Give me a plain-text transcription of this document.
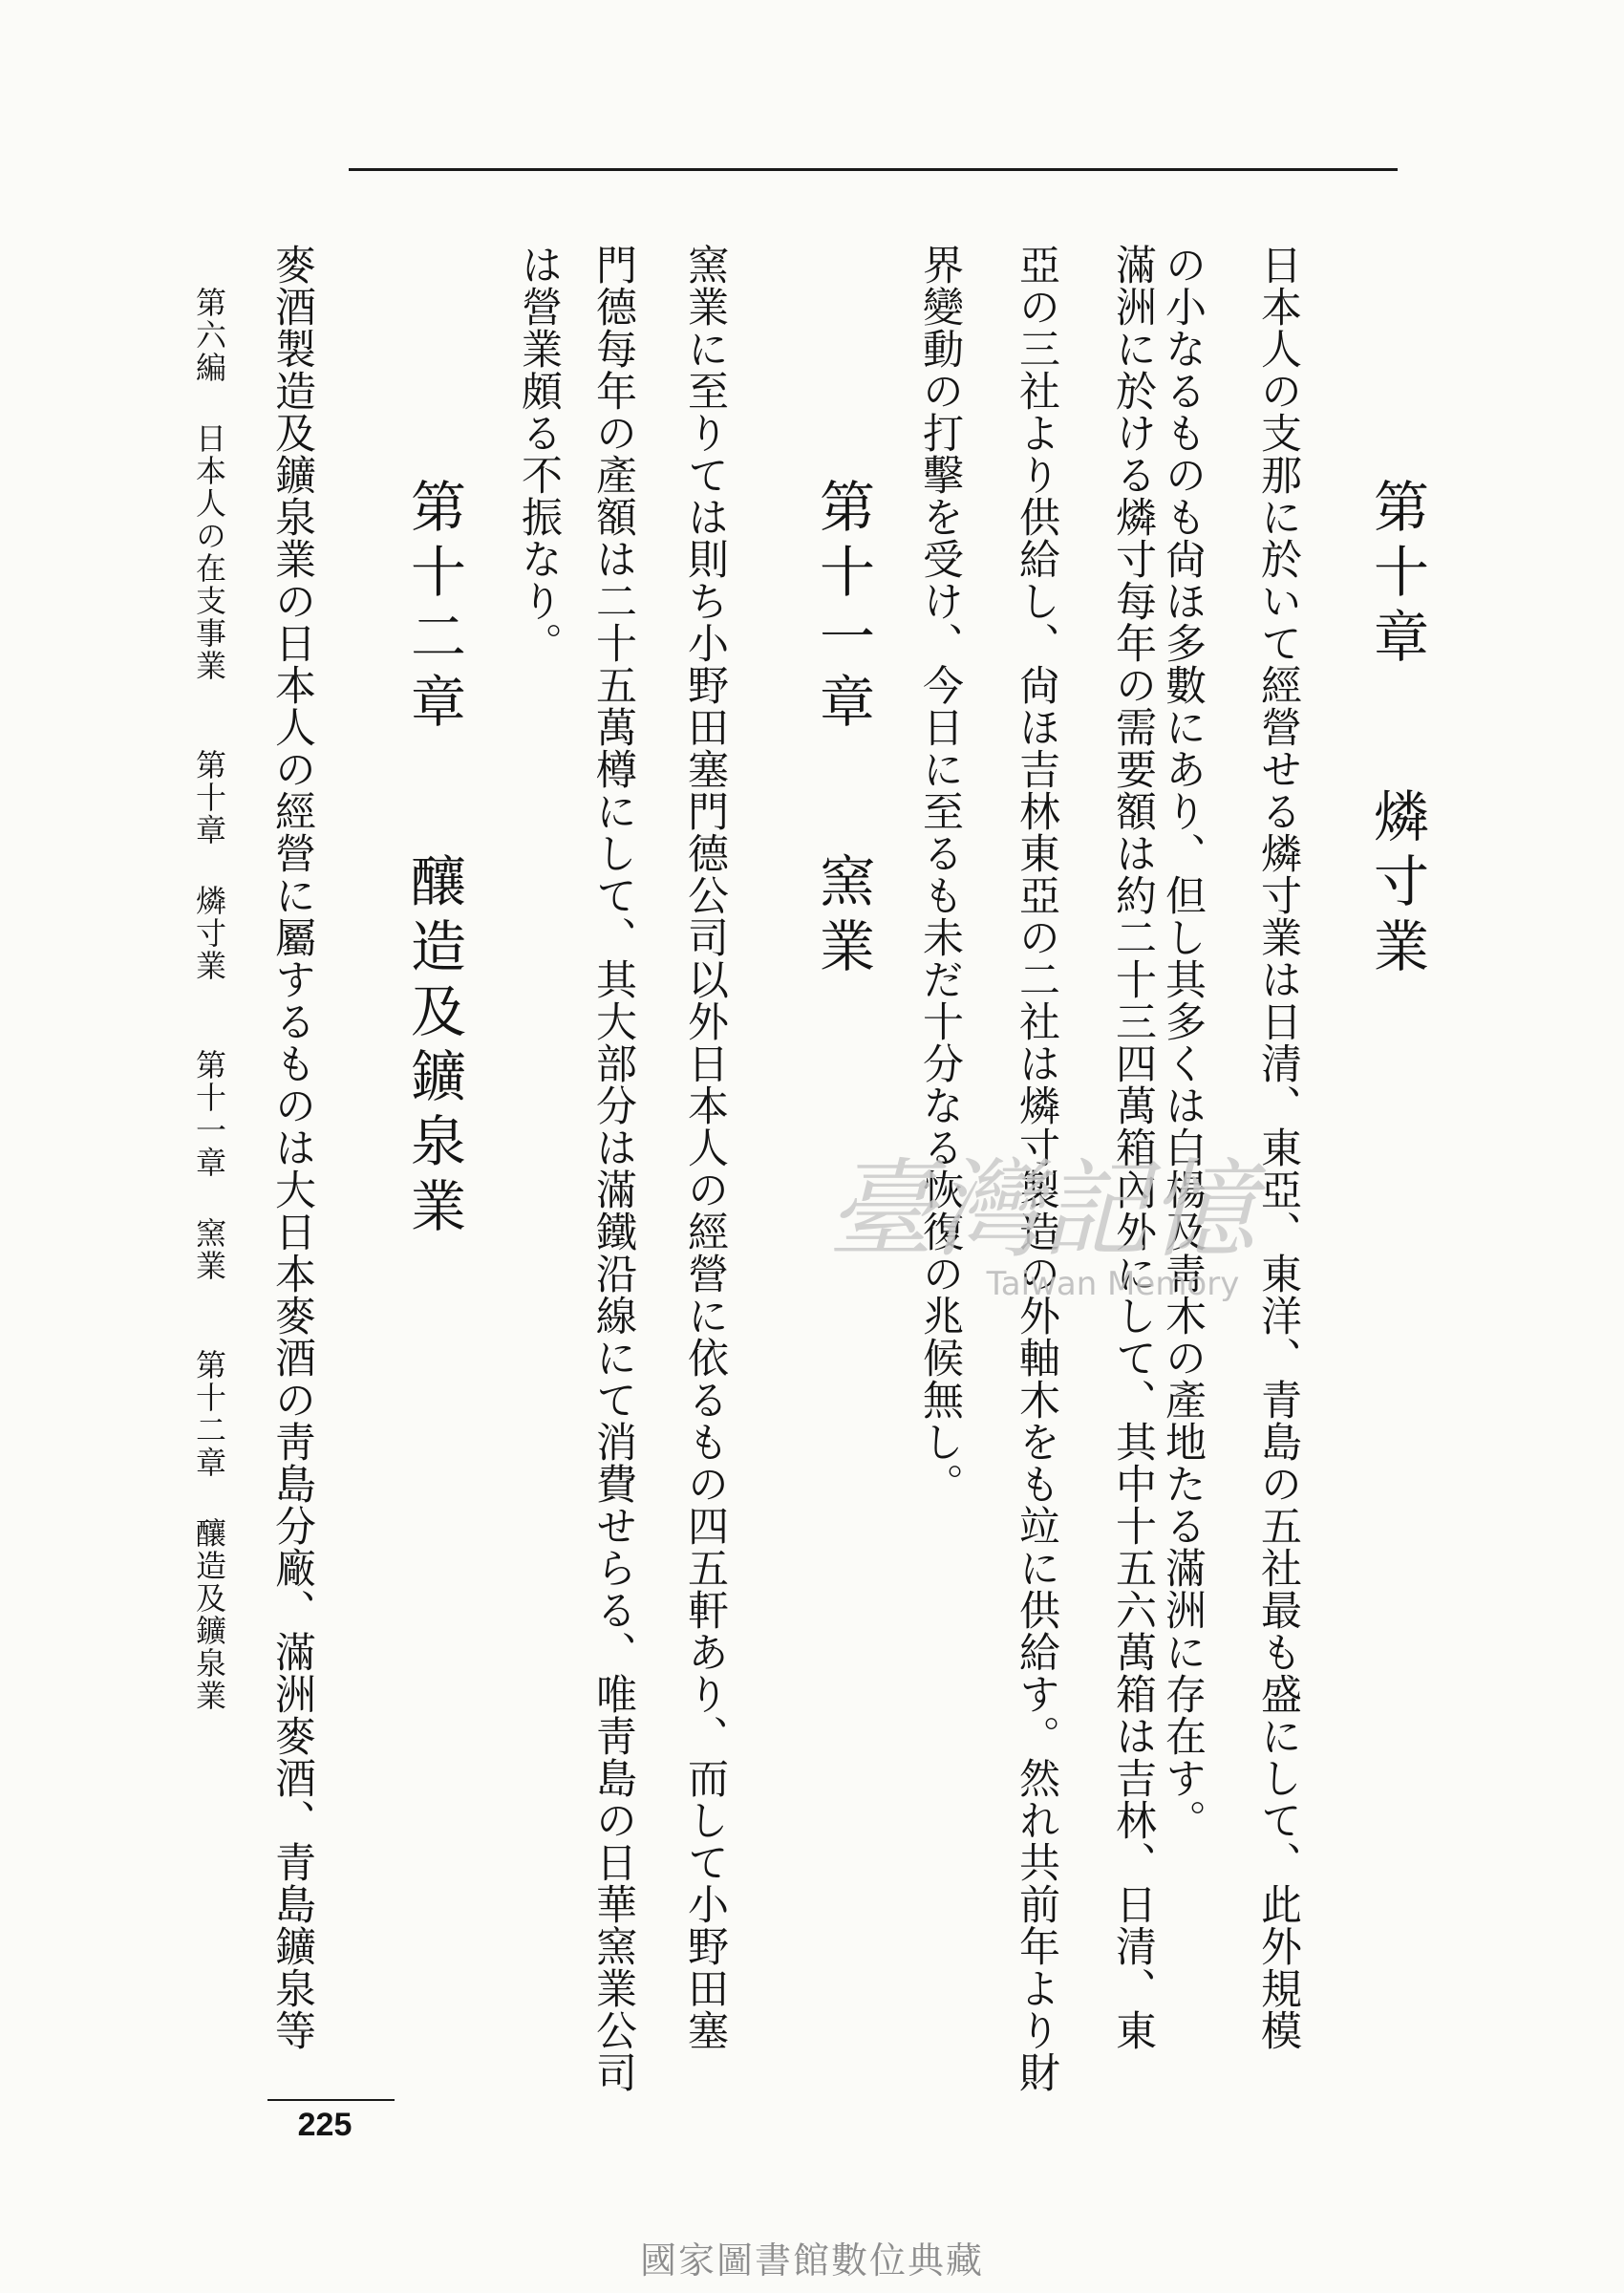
第十章燐寸業
日本人の支那に於いて經營せる燐寸業は日清、東亞、東洋、青島の五社最も盛にして、此外規模
の小なるものも尙ほ多數にあり、但し其多くは白楊及靑木の產地たる滿洲に存在す。
滿洲に於ける燐寸每年の需要額は約二十三四萬箱內外にして、其中十五六萬箱は吉林、日清、東
亞の三社より供給し、尙ほ吉林東亞の二社は燐寸製造の外軸木をも竝に供給す。然れ共前年より財
界變動の打擊を受け、今日に至るも未だ十分なる恢復の兆候無し。
第十一章窯業
窯業に至りては則ち小野田塞門德公司以外日本人の經營に依るもの四五軒あり、而して小野田塞
門德每年の產額は二十五萬樽にして、其大部分は滿鐵沿線にて消費せらる、唯靑島の日華窯業公司
は營業頗る不振なり。
第十二章釀造及鑛泉業
麥酒製造及鑛泉業の日本人の經營に屬するものは大日本麥酒の靑島分廠、滿洲麥酒、青島鑛泉等
第六編日本人の在支事業第十章燐寸業第十一章窯業第十二章釀造及鑛泉業
225
臺灣記憶
Taiwan Memory
國家圖書館數位典藏
